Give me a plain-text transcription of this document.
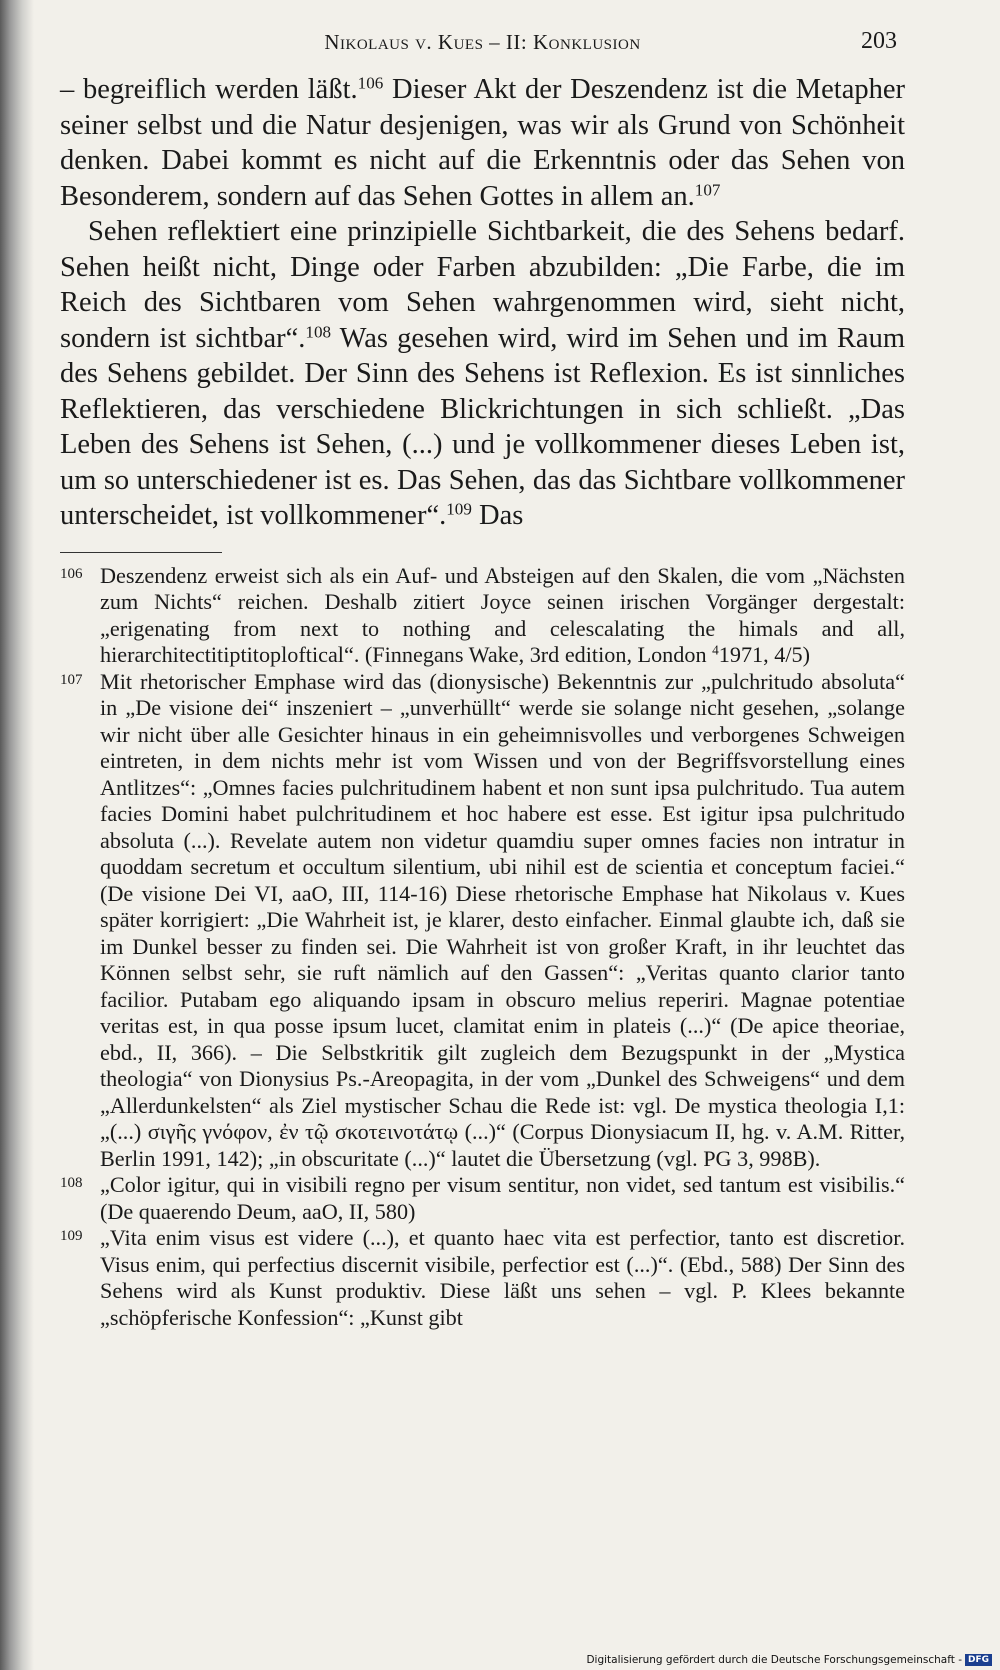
Nikolaus v. Kues – II: Konklusion	203

– begreiflich werden läßt.$^{106}$ Dieser Akt der Deszendenz ist die Metapher seiner selbst und die Natur desjenigen, was wir als Grund von Schönheit denken. Dabei kommt es nicht auf die Erkenntnis oder das Sehen von Besonderem, sondern auf das Sehen Gottes in allem an.$^{107}$

Sehen reflektiert eine prinzipielle Sichtbarkeit, die des Sehens bedarf. Sehen heißt nicht, Dinge oder Farben abzubilden: „Die Farbe, die im Reich des Sichtbaren vom Sehen wahrgenommen wird, sieht nicht, sondern ist sichtbar“.$^{108}$ Was gesehen wird, wird im Sehen und im Raum des Sehens gebildet. Der Sinn des Sehens ist Reflexion. Es ist sinnliches Reflektieren, das verschiedene Blickrichtungen in sich schließt. „Das Leben des Sehens ist Sehen, (...) und je vollkommener dieses Leben ist, um so unterschiedener ist es. Das Sehen, das das Sichtbare vollkommener unterscheidet, ist vollkommener“.$^{109}$ Das

106 Deszendenz erweist sich als ein Auf- und Absteigen auf den Skalen, die vom „Nächsten zum Nichts“ reichen. Deshalb zitiert Joyce seinen irischen Vorgänger dergestalt: „erigenating from next to nothing and celescalating the himals and all, hierarchitectitiptitoploftical“. (Finnegans Wake, 3rd edition, London $^4$1971, 4/5)
107 Mit rhetorischer Emphase wird das (dionysische) Bekenntnis zur „pulchritudo absoluta“ in „De visione dei“ inszeniert – „unverhüllt“ werde sie solange nicht gesehen, „solange wir nicht über alle Gesichter hinaus in ein geheimnisvolles und verborgenes Schweigen eintreten, in dem nichts mehr ist vom Wissen und von der Begriffsvorstellung eines Antlitzes“: „Omnes facies pulchritudinem habent et non sunt ipsa pulchritudo. Tua autem facies Domini habet pulchritudinem et hoc habere est esse. Est igitur ipsa pulchritudo absoluta (...). Revelate autem non videtur quamdiu super omnes facies non intratur in quoddam secretum et occultum silentium, ubi nihil est de scientia et conceptum faciei.“ (De visione Dei VI, aaO, III, 114-16) Diese rhetorische Emphase hat Nikolaus v. Kues später korrigiert: „Die Wahrheit ist, je klarer, desto einfacher. Einmal glaubte ich, daß sie im Dunkel besser zu finden sei. Die Wahrheit ist von großer Kraft, in ihr leuchtet das Können selbst sehr, sie ruft nämlich auf den Gassen“: „Veritas quanto clarior tanto facilior. Putabam ego aliquando ipsam in obscuro melius reperiri. Magnae potentiae veritas est, in qua posse ipsum lucet, clamitat enim in plateis (...)“ (De apice theoriae, ebd., II, 366). – Die Selbstkritik gilt zugleich dem Bezugspunkt in der „Mystica theologia“ von Dionysius Ps.-Areopagita, in der vom „Dunkel des Schweigens“ und dem „Allerdunkelsten“ als Ziel mystischer Schau die Rede ist: vgl. De mystica theologia I,1: „(...) σιγῆς γνόφον, ἐν τῷ σκοτεινοτάτῳ (...)“ (Corpus Dionysiacum II, hg. v. A.M. Ritter, Berlin 1991, 142); „in obscuritate (...)“ lautet die Übersetzung (vgl. PG 3, 998B).
108 „Color igitur, qui in visibili regno per visum sentitur, non videt, sed tantum est visibilis.“ (De quaerendo Deum, aaO, II, 580)
109 „Vita enim visus est videre (...), et quanto haec vita est perfectior, tanto est discretior. Visus enim, qui perfectius discernit visibile, perfectior est (...)“. (Ebd., 588) Der Sinn des Sehens wird als Kunst produktiv. Diese läßt uns sehen – vgl. P. Klees bekannte „schöpferische Konfession“: „Kunst gibt
Digitalisierung gefördert durch die Deutsche Forschungsgemeinschaft - DFG
